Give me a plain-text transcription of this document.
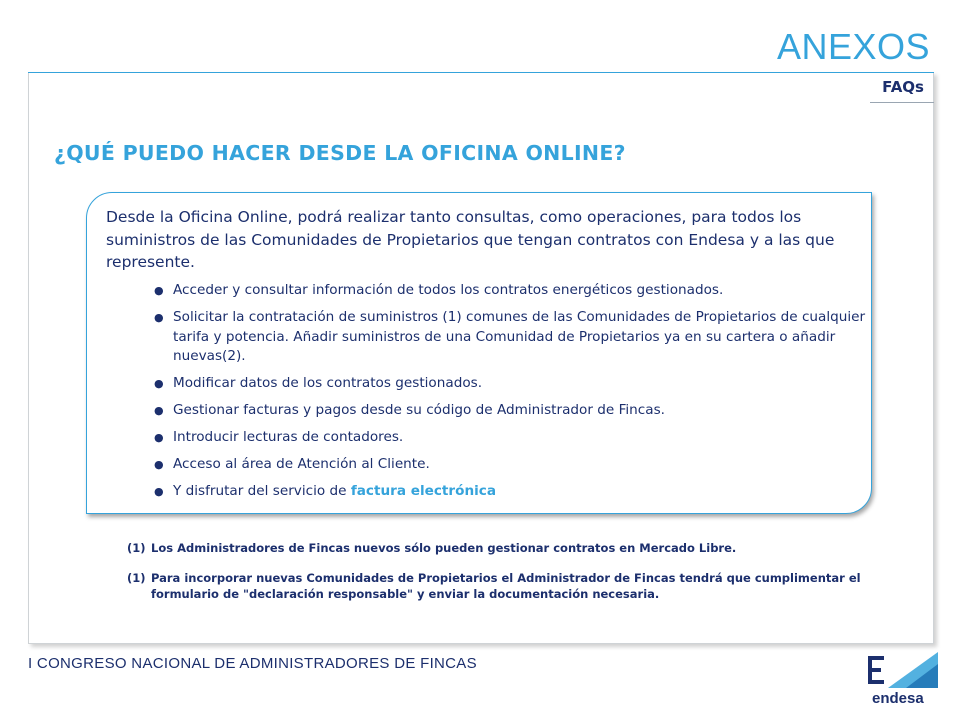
ANEXOS
FAQs
¿QUÉ PUEDO HACER DESDE LA OFICINA ONLINE?
Desde la Oficina Online, podrá realizar tanto consultas, como operaciones, para todos los suministros de las Comunidades de Propietarios que tengan contratos con Endesa y a las que represente.
● Acceder y consultar información de todos los contratos energéticos gestionados.
● Solicitar la contratación de suministros (1) comunes de las Comunidades de Propietarios de cualquier tarifa y potencia. Añadir suministros de una Comunidad de Propietarios ya en su cartera o añadir nuevas(2).
● Modificar datos de los contratos gestionados.
● Gestionar facturas y pagos desde su código de Administrador de Fincas.
● Introducir lecturas de contadores.
● Acceso al área de Atención al Cliente.
● Y disfrutar del servicio de factura electrónica
(1) Los Administradores de Fincas nuevos sólo pueden gestionar contratos en Mercado Libre.
(1) Para incorporar nuevas Comunidades de Propietarios el Administrador de Fincas tendrá que cumplimentar el formulario de "declaración responsable" y enviar la documentación necesaria.
I CONGRESO NACIONAL DE ADMINISTRADORES DE FINCAS
endesa
